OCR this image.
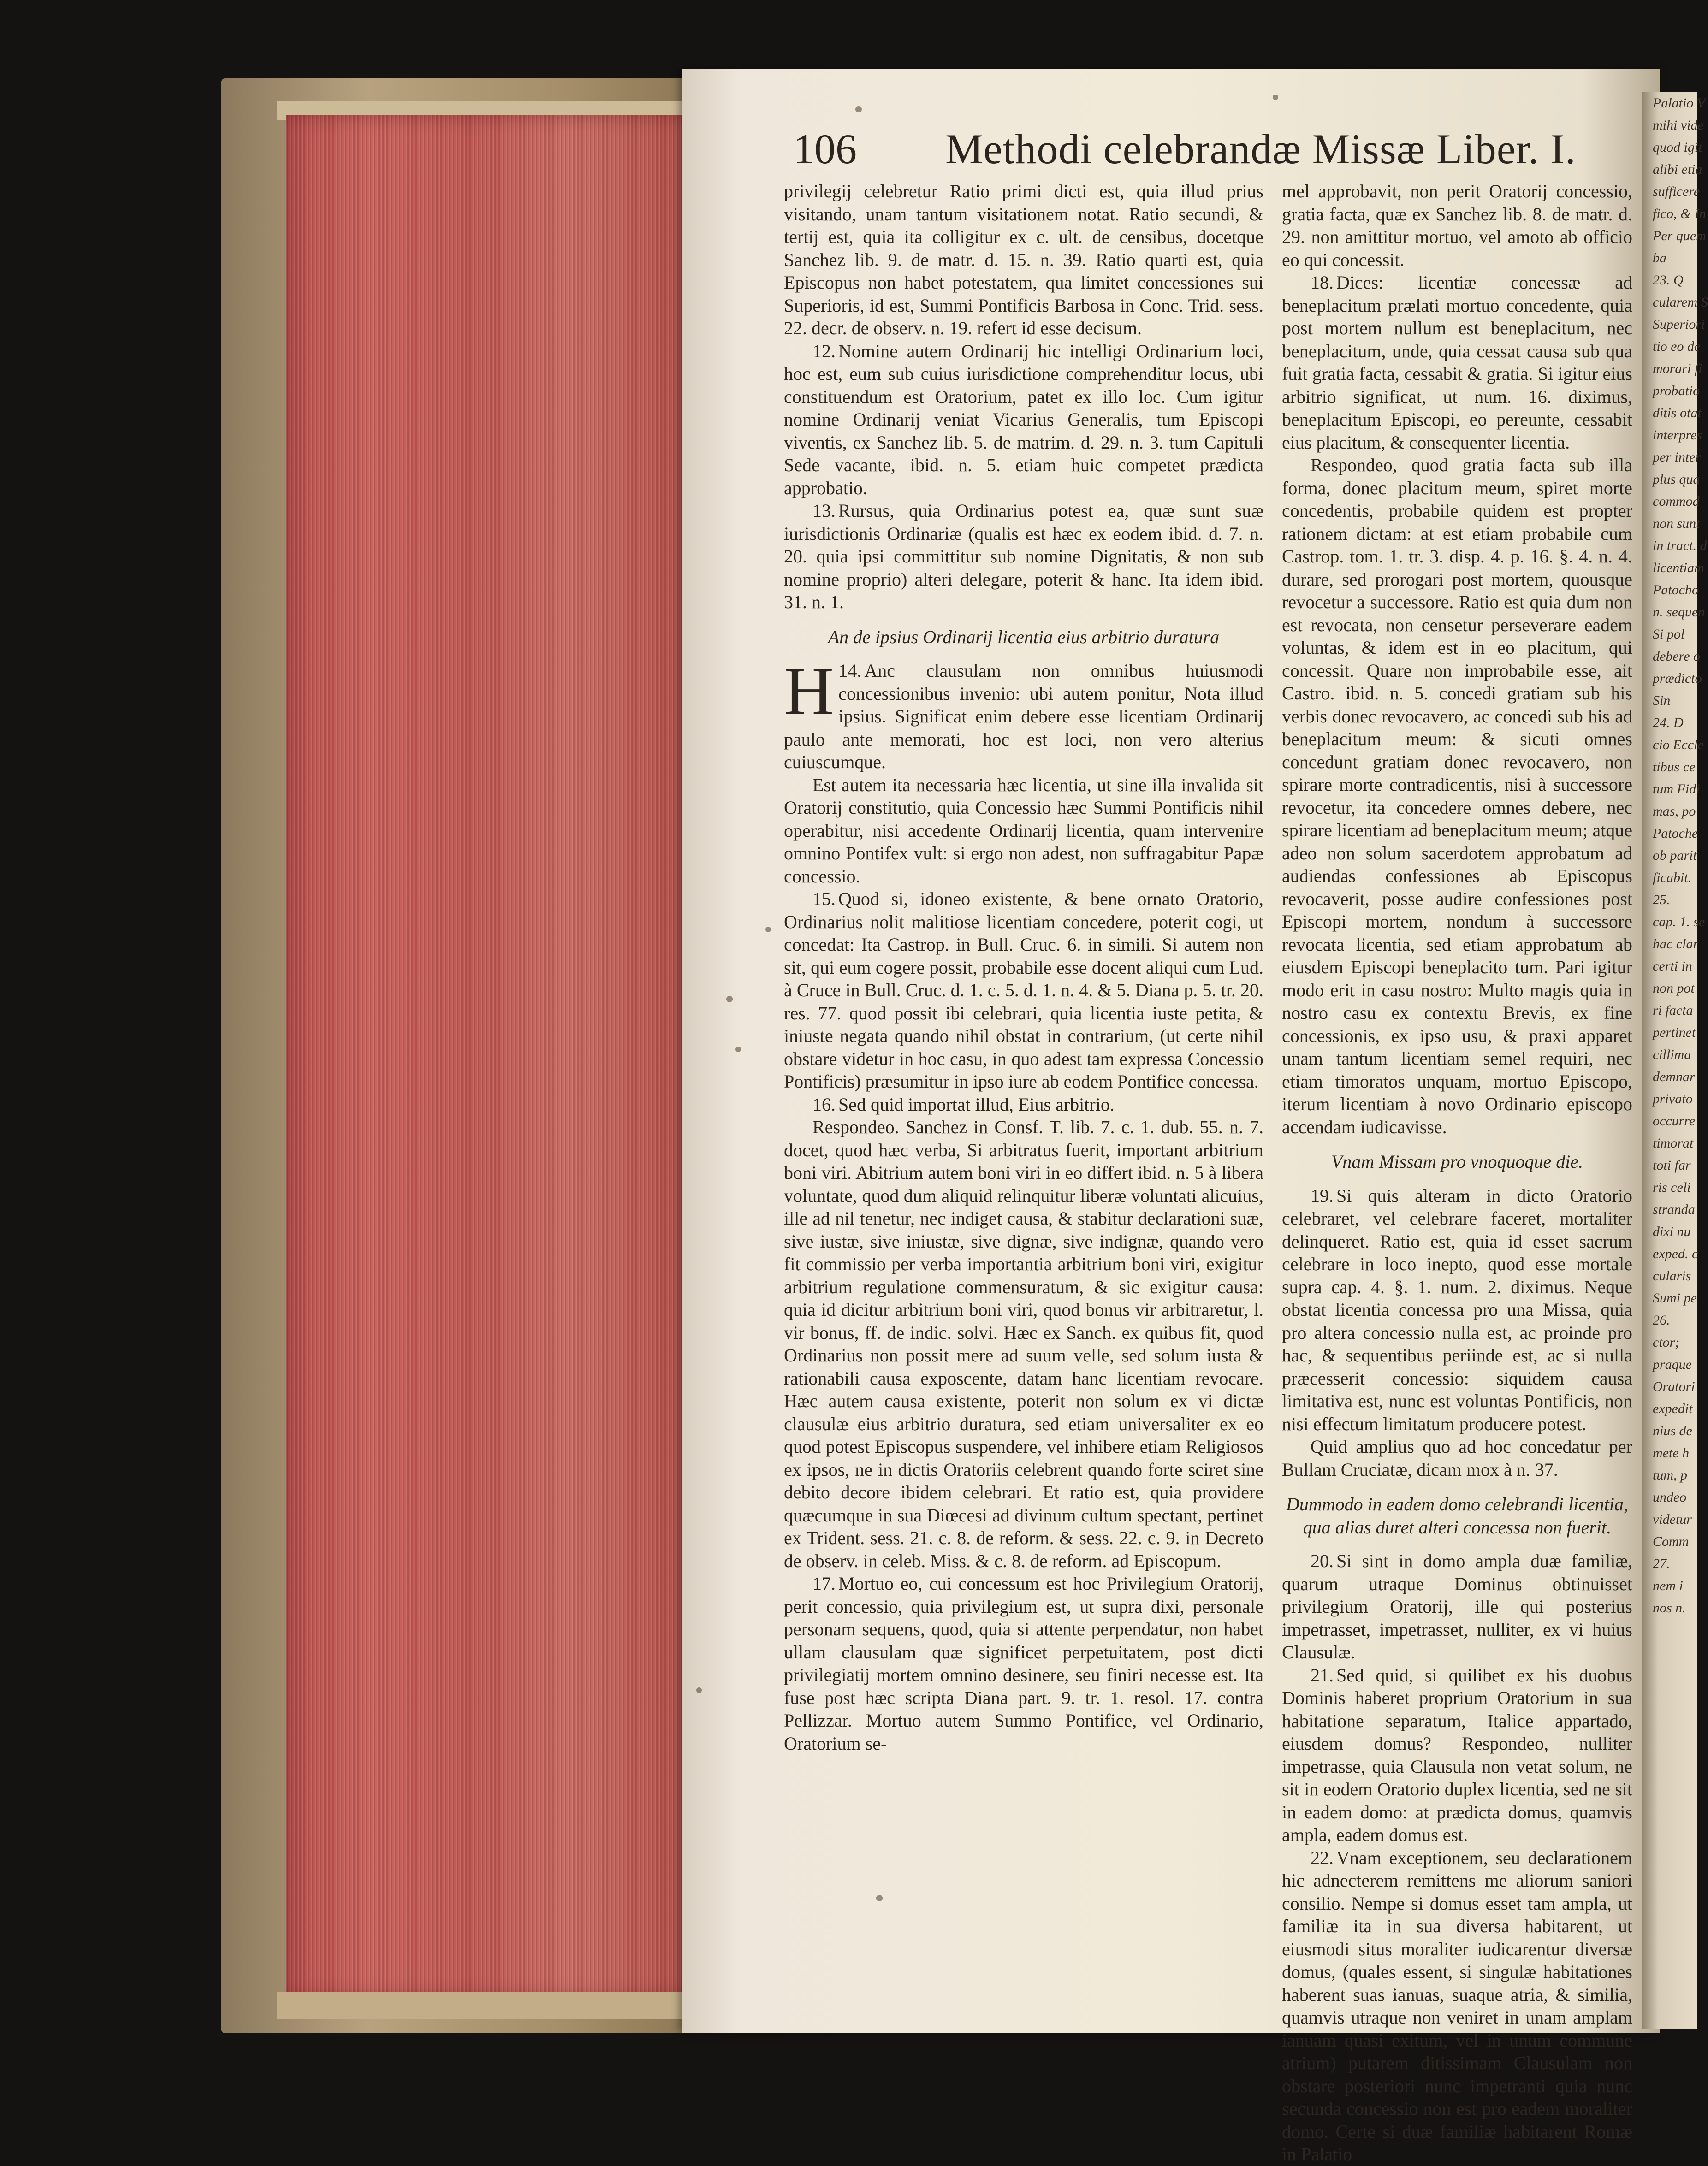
Palatio V
mihi vide
quod igit
alibi etia
sufficere
fico, & In
Per quem
ba
23. Q
cularem S
Superiori
tio eo de
morari fi
probatio
ditis otat
interpres
per inter
plus qua
commod
non sunt
in tract. d
licentiam
Patocho
n. sequen
Si pol
debere o
prædicto
Sin
24. D
cio Eccle
tibus ce
tum Fidi
mas, po
Patoche
ob parit
ficabit.
25.
cap. 1. se
hac clar
certi in
non pot
ri facta
pertinet
cillima
demnar
privato
occurre
timorat
toti far
ris celi
stranda
dixi nu
exped. c
cularis
Sumi pe
26.
ctor;
praque
Oratori
expedit
nius de
mete h
tum, p
undeo
videtur
Comm
27.
nem i
nos n.
106 Methodi celebrandæ Missæ Liber. I.

privilegij celebretur Ratio primi dicti est, quia illud prius visitando, unam tantum visitationem notat. Ratio secundi, & tertij est, quia ita colligitur ex c. ult. de censibus, docetque Sanchez lib. 9. de matr. d. 15. n. 39. Ratio quarti est, quia Episcopus non habet potestatem, qua limitet concessiones sui Superioris, id est, Summi Pontificis Barbosa in Conc. Trid. sess. 22. decr. de observ. n. 19. refert id esse decisum.

12. Nomine autem Ordinarij hic intelligi Ordinarium loci, hoc est, eum sub cuius iurisdictione comprehenditur locus, ubi constituendum est Oratorium, patet ex illo loc. Cum igitur nomine Ordinarij veniat Vicarius Generalis, tum Episcopi viventis, ex Sanchez lib. 5. de matrim. d. 29. n. 3. tum Capituli Sede vacante, ibid. n. 5. etiam huic competet prædicta approbatio.

13. Rursus, quia Ordinarius potest ea, quæ sunt suæ iurisdictionis Ordinariæ (qualis est hæc ex eodem ibid. d. 7. n. 20. quia ipsi committitur sub nomine Dignitatis, & non sub nomine proprio) alteri delegare, poterit & hanc. Ita idem ibid. 31. n. 1.

An de ipsius Ordinarij licentia eius arbitrio duratura

14.
H Anc clausulam non omnibus huiusmodi concessionibus invenio: ubi autem ponitur, Nota illud ipsius. Significat enim debere esse licentiam Ordinarij paulo ante memorati, hoc est loci, non vero alterius cuiuscumque.

Est autem ita necessaria hæc licentia, ut sine illa invalida sit Oratorij constitutio, quia Concessio hæc Summi Pontificis nihil operabitur, nisi accedente Ordinarij licentia, quam intervenire omnino Pontifex vult: si ergo non adest, non suffragabitur Papæ concessio.

15. Quod si, idoneo existente, & bene ornato Oratorio, Ordinarius nolit malitiose licentiam concedere, poterit cogi, ut concedat: Ita Castrop. in Bull. Cruc. 6. in simili. Si autem non sit, qui eum cogere possit, probabile esse docent aliqui cum Lud. à Cruce in Bull. Cruc. d. 1. c. 5. d. 1. n. 4. & 5. Diana p. 5. tr. 20. res. 77. quod possit ibi celebrari, quia licentia iuste petita, & iniuste negata quando nihil obstat in contrarium, (ut certe nihil obstare videtur in hoc casu, in quo adest tam expressa Concessio Pontificis) præsumitur in ipso iure ab eodem Pontifice concessa.

16. Sed quid importat illud, Eius arbitrio.

Respondeo. Sanchez in Consf. T. lib. 7. c. 1. dub. 55. n. 7. docet, quod hæc verba, Si arbitratus fuerit, important arbitrium boni viri. Abitrium autem boni viri in eo differt ibid. n. 5 à libera voluntate, quod dum aliquid relinquitur liberæ voluntati alicuius, ille ad nil tenetur, nec indiget causa, & stabitur declarationi suæ, sive iustæ, sive iniustæ, sive dignæ, sive indignæ, quando vero fit commissio per verba importantia arbitrium boni viri, exigitur arbitrium regulatione commensuratum, & sic exigitur causa: quia id dicitur arbitrium boni viri, quod bonus vir arbitraretur, l. vir bonus, ff. de indic. solvi. Hæc ex Sanch. ex quibus fit, quod Ordinarius non possit mere ad suum velle, sed solum iusta & rationabili causa exposcente, datam hanc licentiam revocare. Hæc autem causa existente, poterit non solum ex vi dictæ clausulæ eius arbitrio duratura, sed etiam universaliter ex eo quod potest Episcopus suspendere, vel inhibere etiam Religiosos ex ipsos, ne in dictis Oratoriis celebrent quando forte sciret sine debito decore ibidem celebrari. Et ratio est, quia providere quæcumque in sua Diœcesi ad divinum cultum spectant, pertinet ex Trident. sess. 21. c. 8. de reform. & sess. 22. c. 9. in Decreto de observ. in celeb. Miss. & c. 8. de reform. ad Episcopum.

17. Mortuo eo, cui concessum est hoc Privilegium Oratorij, perit concessio, quia privilegium est, ut supra dixi, personale personam sequens, quod, quia si attente perpendatur, non habet ullam clausulam quæ significet perpetuitatem, post dicti privilegiatij mortem omnino desinere, seu finiri necesse est. Ita fuse post hæc scripta Diana part. 9. tr. 1. resol. 17. contra Pellizzar. Mortuo autem Summo Pontifice, vel Ordinario, Oratorium se-

mel approbavit, non perit Oratorij concessio, gratia facta, quæ ex Sanchez lib. 8. de matr. d. 29. non amittitur mortuo, vel amoto ab officio eo qui concessit.

18. Dices: licentiæ concessæ ad beneplacitum prælati mortuo concedente, quia post mortem nullum est beneplacitum, nec beneplacitum, unde, quia cessat causa sub qua fuit gratia facta, cessabit & gratia. Si igitur eius arbitrio significat, ut num. 16. diximus, beneplacitum Episcopi, eo pereunte, cessabit eius placitum, & consequenter licentia.

Respondeo, quod gratia facta sub illa forma, donec placitum meum, spiret morte concedentis, probabile quidem est propter rationem dictam: at est etiam probabile cum Castrop. tom. 1. tr. 3. disp. 4. p. 16. §. 4. n. 4. durare, sed prorogari post mortem, quousque revocetur a successore. Ratio est quia dum non est revocata, non censetur perseverare eadem voluntas, & idem est in eo placitum, qui concessit. Quare non improbabile esse, ait Castro. ibid. n. 5. concedi gratiam sub his verbis donec revocavero, ac concedi sub his ad beneplacitum meum: & sicuti omnes concedunt gratiam donec revocavero, non spirare morte contradicentis, nisi à successore revocetur, ita concedere omnes debere, nec spirare licentiam ad beneplacitum meum; atque adeo non solum sacerdotem approbatum ad audiendas confessiones ab Episcopus revocaverit, posse audire confessiones post Episcopi mortem, nondum à successore revocata licentia, sed etiam approbatum ab eiusdem Episcopi beneplacito tum. Pari igitur modo erit in casu nostro: Multo magis quia in nostro casu ex contextu Brevis, ex fine concessionis, ex ipso usu, & praxi apparet unam tantum licentiam semel requiri, nec etiam timoratos unquam, mortuo Episcopo, iterum licentiam à novo Ordinario episcopo accendam iudicavisse.

Vnam Missam pro vnoquoque die.

19. Si quis alteram in dicto Oratorio celebraret, vel celebrare faceret, mortaliter delinqueret. Ratio est, quia id esset sacrum celebrare in loco inepto, quod esse mortale supra cap. 4. §. 1. num. 2. diximus. Neque obstat licentia concessa pro una Missa, quia pro altera concessio nulla est, ac proinde pro hac, & sequentibus periinde est, ac si nulla præcesserit concessio: siquidem causa limitativa est, nunc est voluntas Pontificis, non nisi effectum limitatum producere potest.

Quid amplius quo ad hoc concedatur per Bullam Cruciatæ, dicam mox à n. 37.

Dummodo in eadem domo celebrandi licentia, qua alias duret alteri concessa non fuerit.

20. Si sint in domo ampla duæ familiæ, quarum utraque Dominus obtinuisset privilegium Oratorij, ille qui posterius impetrasset, impetrasset, nulliter, ex vi huius Clausulæ.

21. Sed quid, si quilibet ex his duobus Dominis haberet proprium Oratorium in sua habitatione separatum, Italice appartado, eiusdem domus? Respondeo, nulliter impetrasse, quia Clausula non vetat solum, ne sit in eodem Oratorio duplex licentia, sed ne sit in eadem domo: at prædicta domus, quamvis ampla, eadem domus est.

22. Vnam exceptionem, seu declarationem hic adnecterem remittens me aliorum saniori consilio. Nempe si domus esset tam ampla, ut familiæ ita in sua diversa habitarent, ut eiusmodi situs moraliter iudicarentur diversæ domus, (quales essent, si singulæ habitationes haberent suas ianuas, suaque atria, & similia, quamvis utraque non veniret in unam amplam ianuam quasi exitum, vel in unum commune atrium) putarem ditissimam Clausulam non obstare posteriori nunc impetranti quia nunc secunda concessio non est pro eadem moraliter domo. Certe si duæ familiæ habitarent Romæ in Palatio
